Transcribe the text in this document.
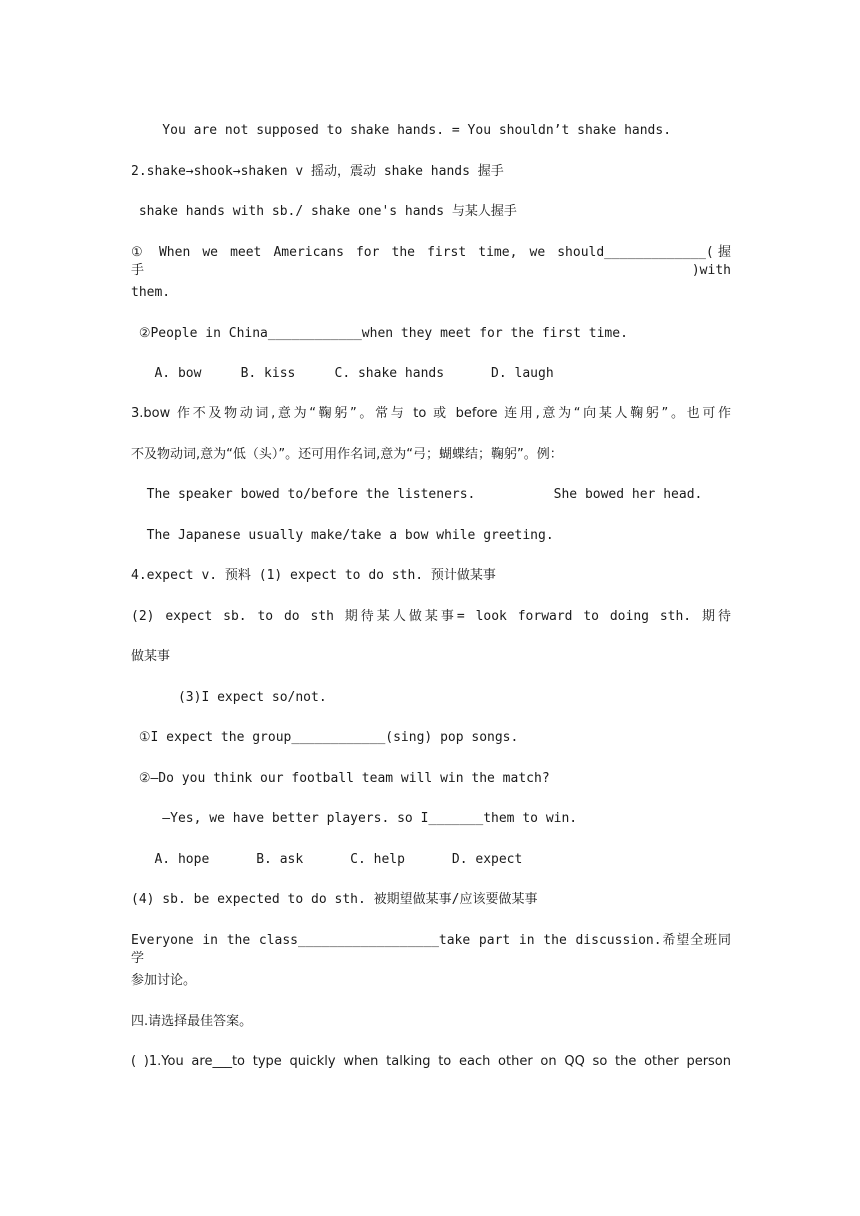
You are not supposed to shake hands. = You shouldn’t shake hands.
2.shake→shook→shaken v 摇动，震动 shake hands 握手
shake hands with sb./ shake one's hands 与某人握手
① When we meet Americans for the first time, we should_____________(握手)with
them.
②People in China____________when they meet for the first time.
A. bow     B. kiss     C. shake hands      D. laugh
3.bow 作不及物动词,意为“鞠躬”。常与 to 或 before 连用,意为“向某人鞠躬”。也可作
不及物动词,意为“低（头）”。还可用作名词,意为“弓；蝴蝶结；鞠躬”。例：
The speaker bowed to/before the listeners.          She bowed her head.
The Japanese usually make/take a bow while greeting.
4.expect v. 预料 (1) expect to do sth. 预计做某事
(2) expect sb. to do sth 期待某人做某事= look forward to doing sth. 期待
做某事
(3)I expect so/not.
①I expect the group____________(sing) pop songs.
②—Do you think our football team will win the match?
—Yes, we have better players. so I_______them to win.
A. hope      B. ask      C. help      D. expect
(4) sb. be expected to do sth. 被期望做某事/应该要做某事
Everyone in the class__________________take part in the discussion.希望全班同学
参加讨论。
四.请选择最佳答案。
( )1.You are___to type quickly when talking to each other on QQ so the other person
